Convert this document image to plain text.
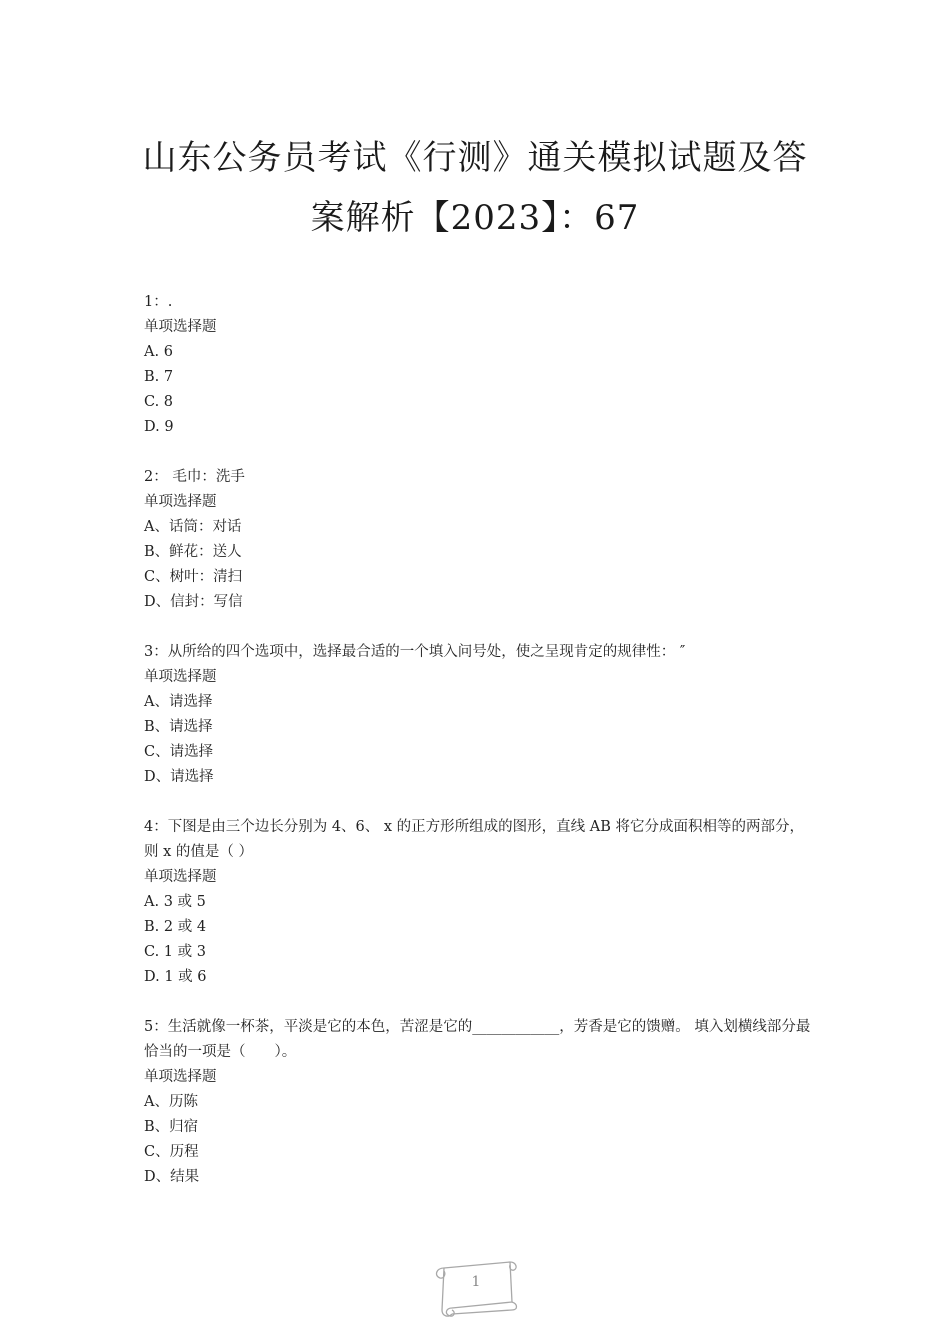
山东公务员考试《行测》通关模拟试题及答
案解析【2023】：67
1：.
单项选择题
A. 6
B. 7
C. 8
D. 9
2： 毛巾：洗手
单项选择题
A、话筒：对话
B、鲜花：送人
C、树叶：清扫
D、信封：写信
3：从所给的四个选项中，选择最合适的一个填入问号处，使之呈现肯定的规律性： ″
单项选择题
A、请选择
B、请选择
C、请选择
D、请选择
4：下图是由三个边长分别为 4、6、 x 的正方形所组成的图形，直线 AB 将它分成面积相等的两部分，则 x 的值是（ ）
单项选择题
A. 3 或 5
B. 2 或 4
C. 1 或 3
D. 1 或 6
5：生活就像一杯茶，平淡是它的本色，苦涩是它的____________，芳香是它的馈赠。 填入划横线部分最恰当的一项是（　　）。
单项选择题
A、历陈
B、归宿
C、历程
D、结果
1
